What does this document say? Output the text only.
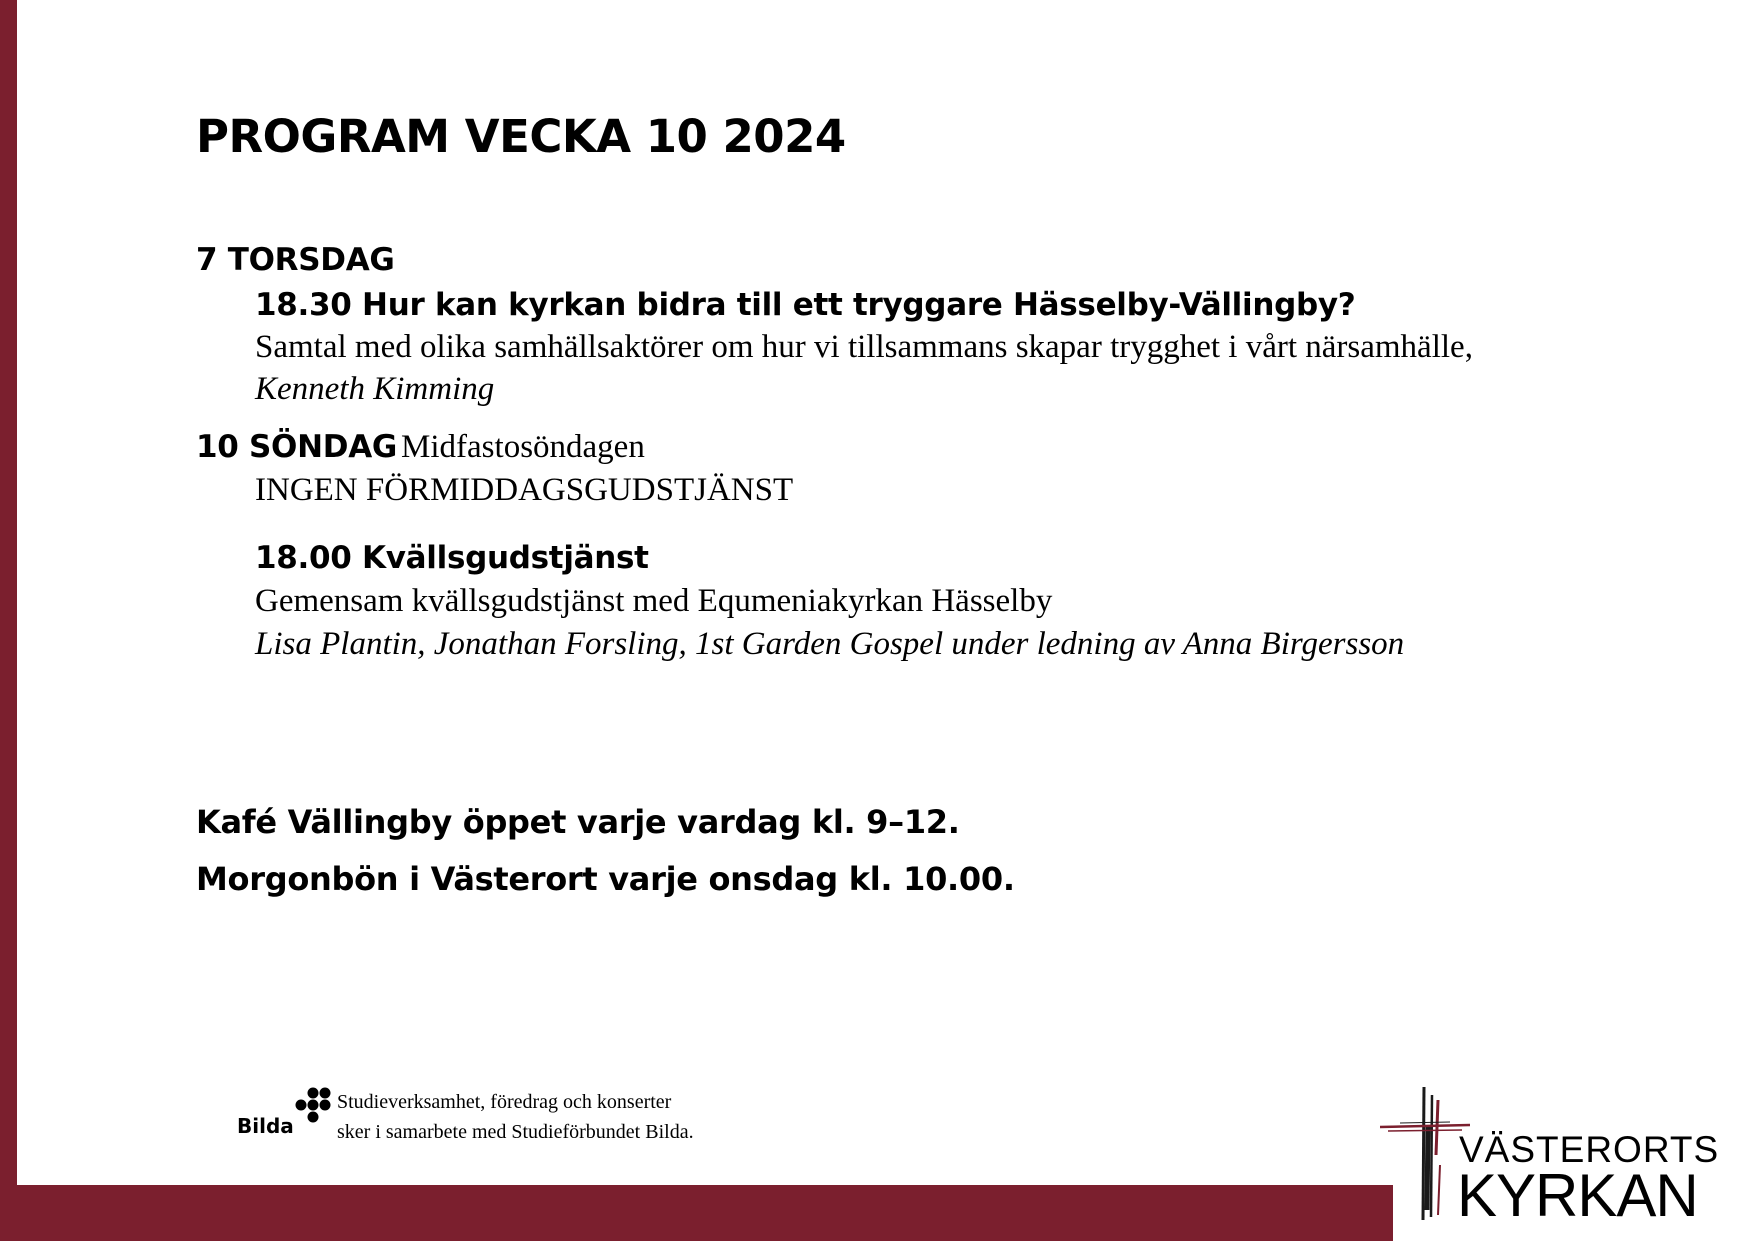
PROGRAM VECKA 10 2024
7 TORSDAG
18.30 Hur kan kyrkan bidra till ett tryggare Hässelby-Vällingby?
Samtal med olika samhällsaktörer om hur vi tillsammans skapar trygghet i vårt närsamhälle,
Kenneth Kimming
10 SÖNDAG Midfastosöndagen
INGEN FÖRMIDDAGSGUDSTJÄNST
18.00 Kvällsgudstjänst
Gemensam kvällsgudstjänst med Equmeniakyrkan Hässelby
Lisa Plantin, Jonathan Forsling, 1st Garden Gospel under ledning av Anna Birgersson
Kafé Vällingby öppet varje vardag kl. 9–12.
Morgonbön i Västerort varje onsdag kl. 10.00.
Bilda
Studieverksamhet, föredrag och konserter
sker i samarbete med Studieförbundet Bilda.	VÄSTERORTS
KYRKAN
